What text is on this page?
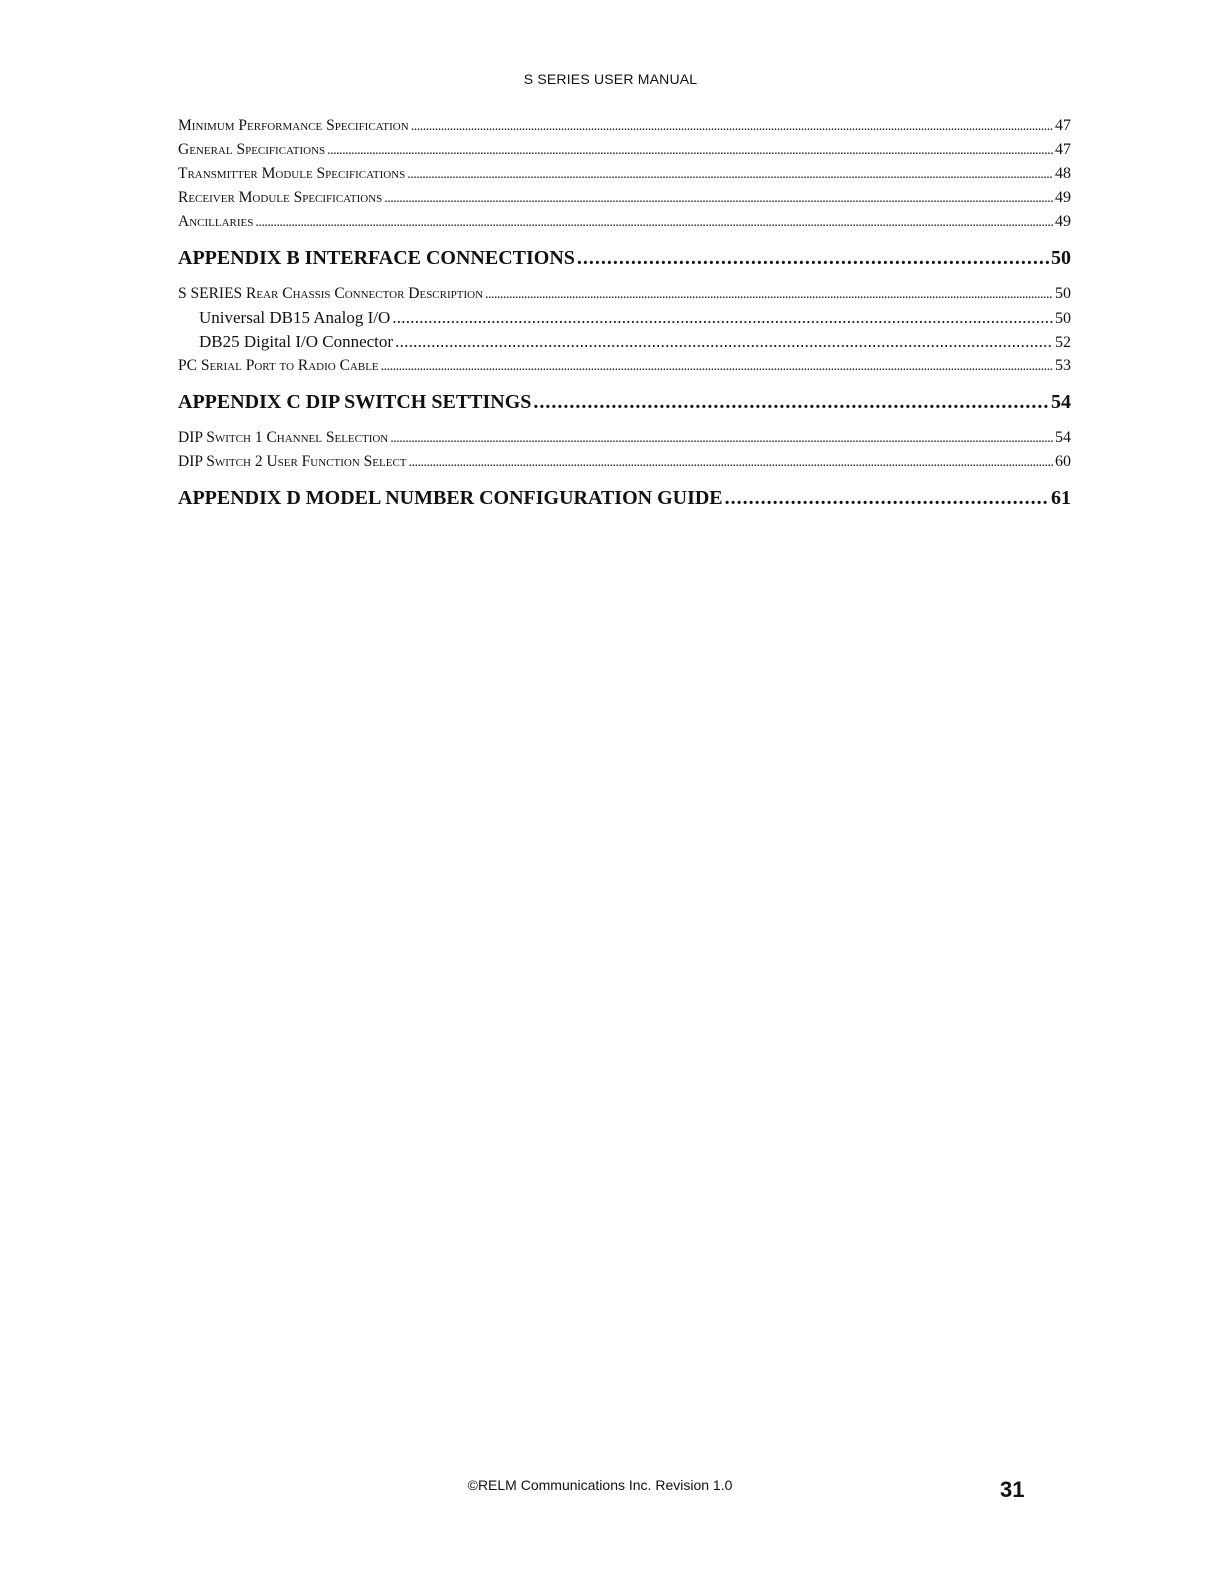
S SERIES USER MANUAL
Minimum Performance Specification . . .	47
General Specifications . . .	47
Transmitter Module Specifications . . .	48
Receiver Module Specifications . . .	49
Ancillaries . . .	49
APPENDIX B INTERFACE CONNECTIONS . . .	50
S SERIES Rear Chassis Connector Description . . .	50
Universal DB15 Analog I/O . . .	50
DB25 Digital I/O Connector . . .	52
PC Serial Port to Radio Cable . . .	53
APPENDIX C DIP SWITCH SETTINGS . . .	54
DIP Switch 1 Channel Selection . . .	54
DIP Switch 2 User Function Select . . .	60
APPENDIX D MODEL NUMBER CONFIGURATION GUIDE . . .	61
©RELM Communications Inc. Revision 1.0	31
